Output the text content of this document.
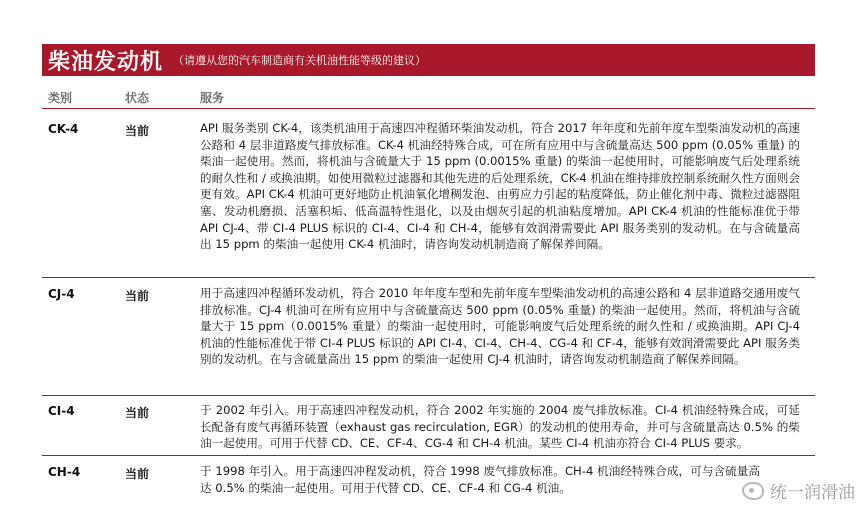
柴油发动机 （请遵从您的汽车制造商有关机油性能等级的建议）
类别	状态	服务
CK-4	当前	API 服务类别 CK-4，该类机油用于高速四冲程循环柴油发动机，符合 2017 年年度和先前年度车型柴油发动机的高速公路和 4 层非道路废气排放标准。CK-4 机油经特殊合成，可在所有应用中与含硫量高达 500 ppm (0.05% 重量) 的柴油一起使用。然而，将机油与含硫量大于 15 ppm (0.0015% 重量) 的柴油一起使用时，可能影响废气后处理系统的耐久性和 / 或换油期。如使用微粒过滤器和其他先进的后处理系统，CK-4 机油在维持排放控制系统耐久性方面则会更有效。API CK-4 机油可更好地防止机油氧化增稠发泡、由剪应力引起的粘度降低，防止催化剂中毒、微粒过滤器阻塞、发动机磨损、活塞积垢、低高温特性退化，以及由烟灰引起的机油粘度增加。API CK-4 机油的性能标准优于带 API CJ-4、带 CI-4 PLUS 标识的 CI-4、CI-4 和 CH-4，能够有效润滑需要此 API 服务类别的发动机。在与含硫量高出 15 ppm 的柴油一起使用 CK-4 机油时，请咨询发动机制造商了解保养间隔。
CJ-4	当前	用于高速四冲程循环发动机，符合 2010 年年度车型和先前年度车型柴油发动机的高速公路和 4 层非道路交通用废气排放标准。CJ-4 机油可在所有应用中与含硫量高达 500 ppm (0.05% 重量) 的柴油一起使用。然而，将机油与含硫量大于 15 ppm（0.0015% 重量）的柴油一起使用时，可能影响废气后处理系统的耐久性和 / 或换油期。API CJ-4 机油的性能标准优于带 CI-4 PLUS 标识的 API CI-4、CI-4、CH-4、CG-4 和 CF-4，能够有效润滑需要此 API 服务类别的发动机。在与含硫量高出 15 ppm 的柴油一起使用 CJ-4 机油时，请咨询发动机制造商了解保养间隔。
CI-4	当前	于 2002 年引入。用于高速四冲程发动机，符合 2002 年实施的 2004 废气排放标准。CI-4 机油经特殊合成，可延长配备有废气再循环装置（exhaust gas recirculation, EGR）的发动机的使用寿命，并可与含硫量高达 0.5% 的柴油一起使用。可用于代替 CD、CE、CF-4、CG-4 和 CH-4 机油。某些 CI-4 机油亦符合 CI-4 PLUS 要求。
CH-4	当前	于 1998 年引入。用于高速四冲程发动机，符合 1998 废气排放标准。CH-4 机油经特殊合成，可与含硫量高达 0.5% 的柴油一起使用。可用于代替 CD、CE、CF-4 和 CG-4 机油。	统一润滑油
